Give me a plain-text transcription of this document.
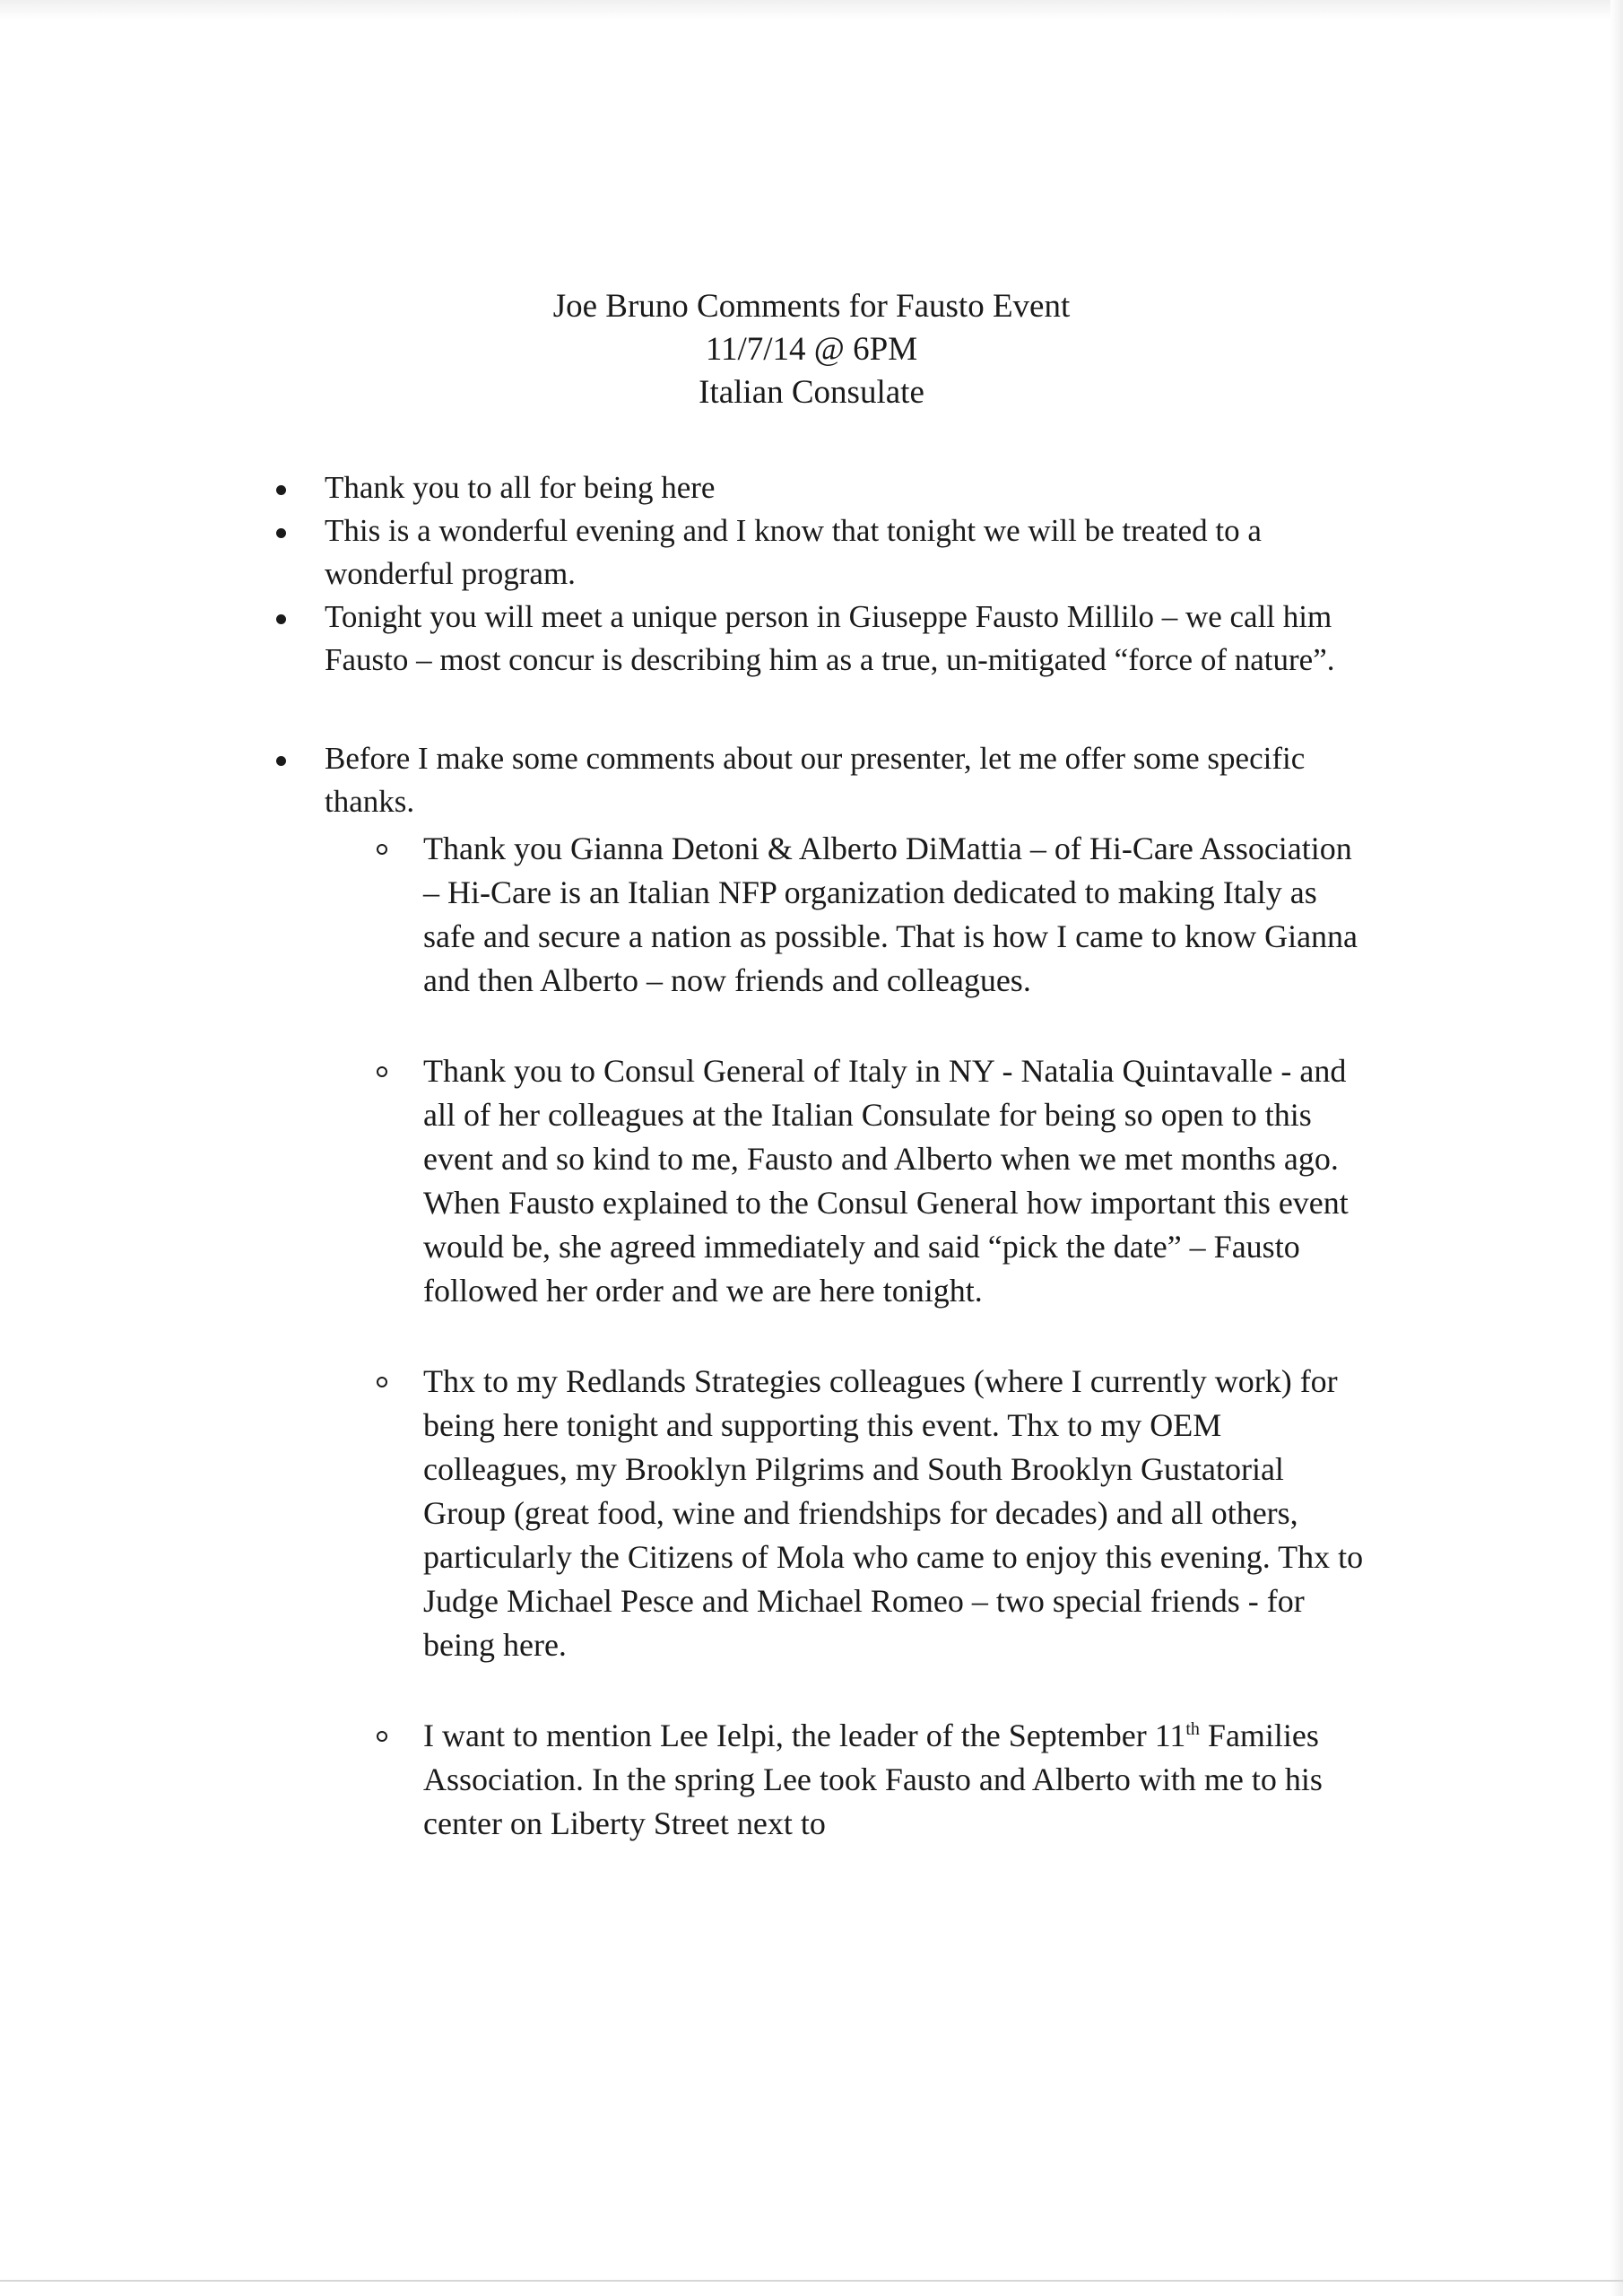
Joe Bruno Comments for Fausto Event
11/7/14 @ 6PM
Italian Consulate
Thank you to all for being here
This is a wonderful evening and I know that tonight we will be treated to a wonderful program.
Tonight you will meet a unique person in Giuseppe Fausto Millilo – we call him Fausto – most concur is describing him as a true, un-mitigated “force of nature”.
Before I make some comments about our presenter, let me offer some specific thanks.
Thank you Gianna Detoni & Alberto DiMattia – of Hi-Care Association – Hi-Care is an Italian NFP organization dedicated to making Italy as safe and secure a nation as possible. That is how I came to know Gianna and then Alberto – now friends and colleagues.
Thank you to Consul General of Italy in NY - Natalia Quintavalle - and all of her colleagues at the Italian Consulate for being so open to this event and so kind to me, Fausto and Alberto when we met months ago. When Fausto explained to the Consul General how important this event would be, she agreed immediately and said “pick the date” – Fausto followed her order and we are here tonight.
Thx to my Redlands Strategies colleagues (where I currently work) for being here tonight and supporting this event. Thx to my OEM colleagues, my Brooklyn Pilgrims and South Brooklyn Gustatorial Group (great food, wine and friendships for decades) and all others, particularly the Citizens of Mola who came to enjoy this evening. Thx to Judge Michael Pesce and Michael Romeo – two special friends - for being here.
I want to mention Lee Ielpi, the leader of the September 11th Families Association. In the spring Lee took Fausto and Alberto with me to his center on Liberty Street next to
